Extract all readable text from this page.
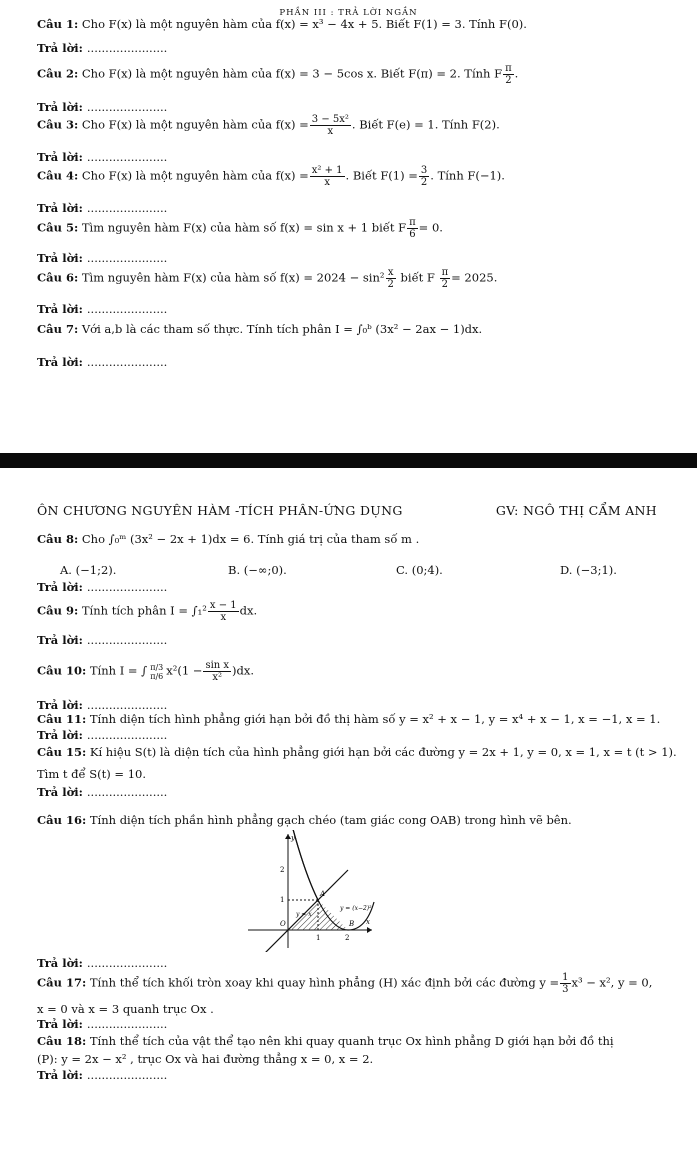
PHẦN III : TRẢ LỜI NGẮN
Câu 1: Cho F(x) là một nguyên hàm của f(x) = x³ − 4x + 5. Biết F(1) = 3. Tính F(0).
Trả lời: ......................
Câu 2: Cho F(x) là một nguyên hàm của f(x) = 3 − 5cos x. Biết F(π) = 2. Tính F $\frac{\pi}{2}$ .
Trả lời: ......................
Câu 3: Cho F(x) là một nguyên hàm của $f(x) = \frac{\text{3 − 5x²}}{x}$ . Biết F(e) = 1. Tính F(2).
Trả lời: ......................
Câu 4: Cho F(x) là một nguyên hàm của $f(x) = \frac{\text{x² + 1}}{x}$ . Biết $F(1) = \frac{3}{2}$ . Tính F(−1).
Trả lời: ......................
Câu 5: Tìm nguyên hàm F(x) của hàm số f(x) = sin x + 1 biết F $\frac{\pi}{6} = 0$.
Trả lời: ......................
Câu 6: Tìm nguyên hàm F(x) của hàm số $f(x) = 2024 - \sin^2 \frac{x}{2}$ biết F $\frac{\pi}{2} = 2025$.
Trả lời: ......................
Câu 7: Với a,b là các tham số thực. Tính tích phân I = ∫₀ᵇ (3x² − 2ax − 1)dx.
Trả lời: ......................
ÔN CHƯƠNG NGUYÊN HÀM -TÍCH PHÂN-ỨNG DỤNG	GV: NGÔ THỊ CẨM ANH
Câu 8: Cho ∫₀ᵐ (3x² − 2x + 1)dx = 6. Tính giá trị của tham số m .
A. (−1;2).	B. (−∞;0).	C. (0;4).	D. (−3;1).
Trả lời: ......................
Câu 9: Tính tích phân $I = \int_1^2 \frac{x - 1}{x}$ dx.
Trả lời: ......................
Câu 10: Tính I = ∫ π/3
π/6 $x^2(1 - \frac{\text{sin x}}{\text{x²}} )dx$.
Trả lời: ......................
Câu 11: Tính diện tích hình phẳng giới hạn bởi đồ thị hàm số y = x² + x − 1, y = x⁴ + x − 1, x = −1, x = 1.
Trả lời: ......................
Câu 15: Kí hiệu S(t) là diện tích của hình phẳng giới hạn bởi các đường y = 2x + 1, y = 0, x = 1, x = t (t > 1).
Tìm t để S(t) = 10.
Trả lời: ......................
Câu 16: Tính diện tích phần hình phẳng gạch chéo (tam giác cong OAB) trong hình vẽ bên.
2
1
1	2
y
x
O
A
B
y = (x−2)²
y = x
Trả lời: ......................
Câu 17: Tính thể tích khối tròn xoay khi quay hình phẳng (H) xác định bởi các đường $y = \frac{1}{3} x^3 - x^2$, y = 0,
x = 0 và x = 3 quanh trục Ox .
Trả lời: ......................
Câu 18: Tính thể tích của vật thể tạo nên khi quay quanh trục Ox hình phẳng D giới hạn bởi đồ thị
(P): y = 2x − x² , trục Ox và hai đường thẳng x = 0, x = 2.
Trả lời: ......................
